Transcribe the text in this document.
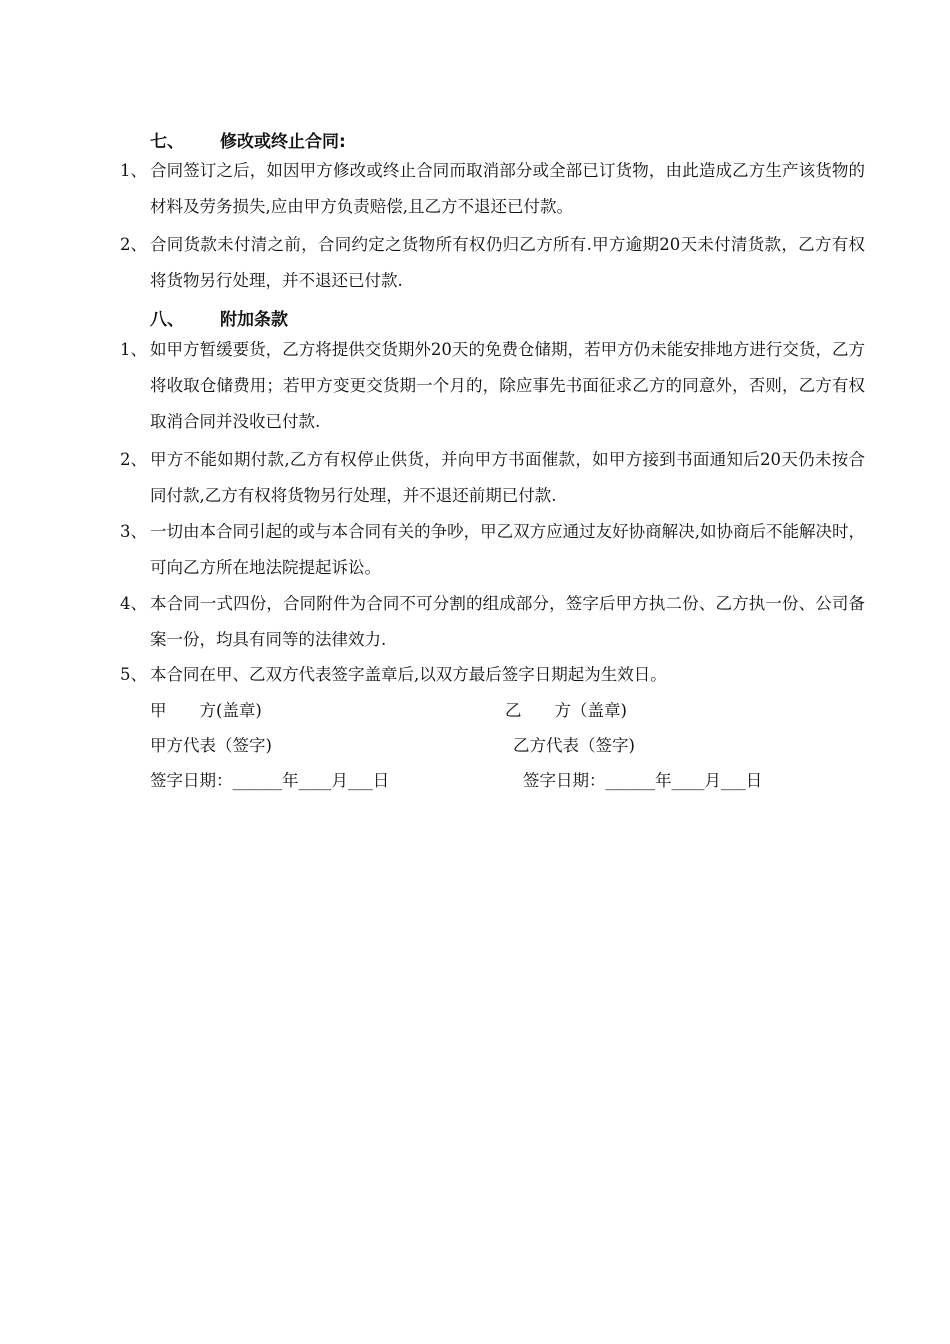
七、 修改或终止合同:
1、 合同签订之后，如因甲方修改或终止合同而取消部分或全部已订货物，由此造成乙方生产该货物的材料及劳务损失,应由甲方负责赔偿,且乙方不退还已付款。
2、 合同货款未付清之前，合同约定之货物所有权仍归乙方所有.甲方逾期20天未付清货款，乙方有权将货物另行处理，并不退还已付款.
八、 附加条款
1、 如甲方暂缓要货，乙方将提供交货期外20天的免费仓储期，若甲方仍未能安排地方进行交货，乙方将收取仓储费用；若甲方变更交货期一个月的，除应事先书面征求乙方的同意外，否则，乙方有权取消合同并没收已付款.
2、 甲方不能如期付款,乙方有权停止供货，并向甲方书面催款，如甲方接到书面通知后20天仍未按合同付款,乙方有权将货物另行处理，并不退还前期已付款.
3、 一切由本合同引起的或与本合同有关的争吵，甲乙双方应通过友好协商解决,如协商后不能解决时，可向乙方所在地法院提起诉讼。
4、 本合同一式四份，合同附件为合同不可分割的组成部分，签字后甲方执二份、乙方执一份、公司备案一份，均具有同等的法律效力.
5、 本合同在甲、乙双方代表签字盖章后,以双方最后签字日期起为生效日。
甲　　方(盖章)
甲方代表（签字)
签字日期：______年____月___日
乙　　方（盖章)
乙方代表（签字)
签字日期：______年____月___日
